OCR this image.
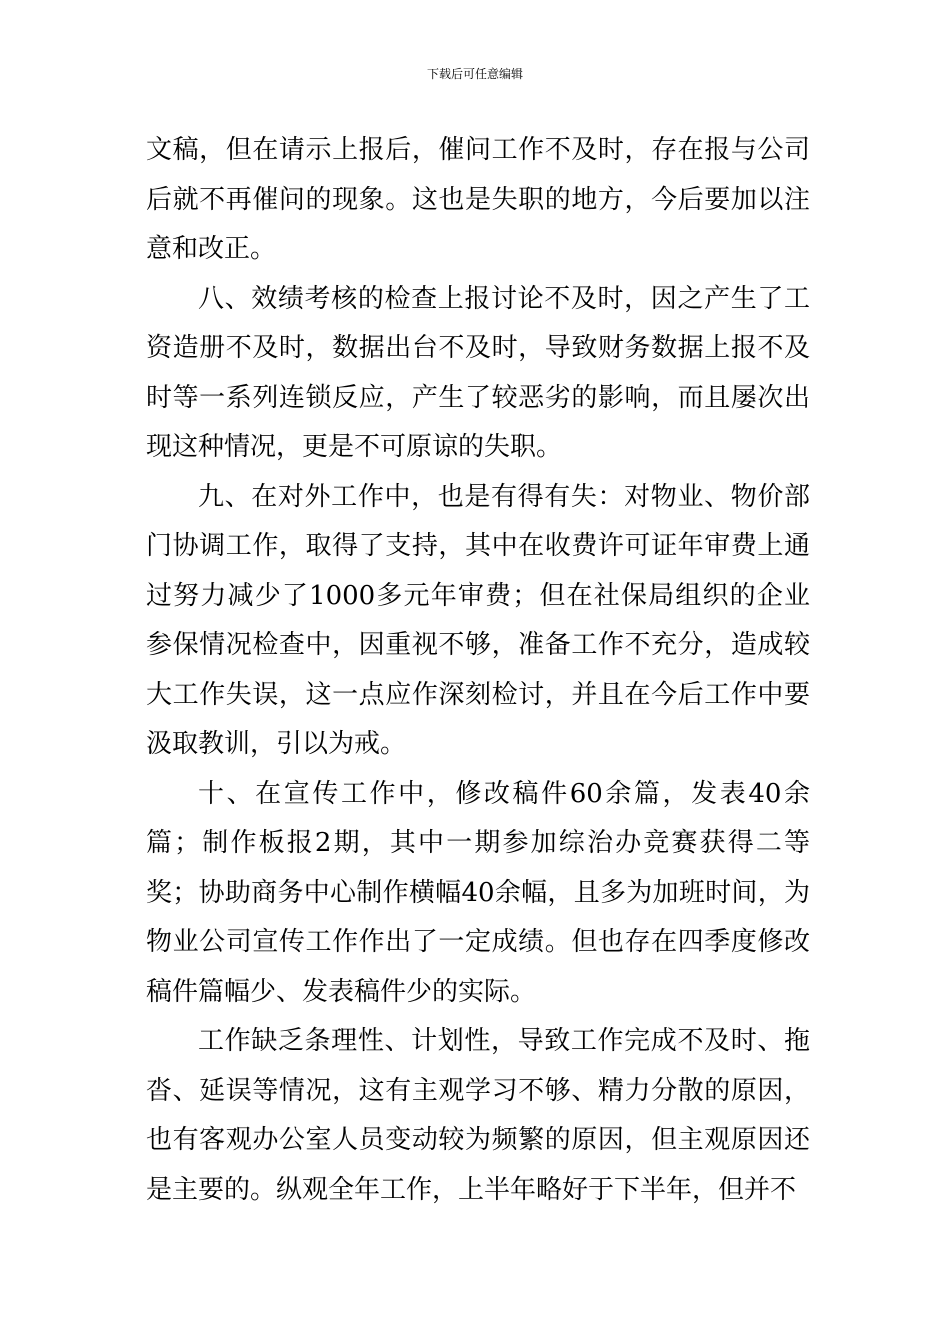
下载后可任意编辑

文稿，但在请示上报后，催问工作不及时，存在报与公司后就不再催问的现象。这也是失职的地方，今后要加以注意和改正。

八、效绩考核的检查上报讨论不及时，因之产生了工资造册不及时，数据出台不及时，导致财务数据上报不及时等一系列连锁反应，产生了较恶劣的影响，而且屡次出现这种情况，更是不可原谅的失职。

九、在对外工作中，也是有得有失：对物业、物价部门协调工作，取得了支持，其中在收费许可证年审费上通过努力减少了1000多元年审费；但在社保局组织的企业参保情况检查中，因重视不够，准备工作不充分，造成较大工作失误，这一点应作深刻检讨，并且在今后工作中要汲取教训，引以为戒。

十、在宣传工作中，修改稿件60余篇，发表40余篇；制作板报2期，其中一期参加综治办竞赛获得二等奖；协助商务中心制作横幅40余幅，且多为加班时间，为物业公司宣传工作作出了一定成绩。但也存在四季度修改稿件篇幅少、发表稿件少的实际。

工作缺乏条理性、计划性，导致工作完成不及时、拖沓、延误等情况，这有主观学习不够、精力分散的原因，也有客观办公室人员变动较为频繁的原因，但主观原因还是主要的。纵观全年工作，上半年略好于下半年，但并不
